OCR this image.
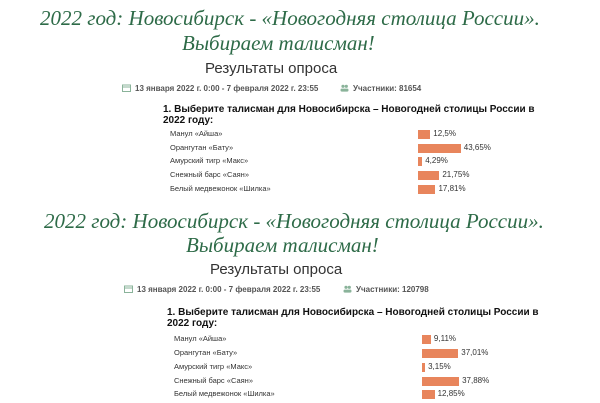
2022 год: Новосибирск - «Новогодняя столица России».
Выбираем талисман!
Результаты опроса
13 января 2022 г. 0:00 - 7 февраля 2022 г. 23:55	Участники: 81654
1. Выберите талисман для Новосибирска – Новогодней столицы России в 2022 году:
Манул «Айша»
Орангутан «Бату»
Амурский тигр «Макс»
Снежный барс «Саян»
Белый медвежонок «Шилка»
12,5%
43,65%
4,29%
21,75%
17,81%
2022 год: Новосибирск - «Новогодняя столица России».
Выбираем талисман!
Результаты опроса
13 января 2022 г. 0:00 - 7 февраля 2022 г. 23:55	Участники: 120798
1. Выберите талисман для Новосибирска – Новогодней столицы России в 2022 году:
Манул «Айша»
Орангутан «Бату»
Амурский тигр «Макс»
Снежный барс «Саян»
Белый медвежонок «Шилка»
9,11%
37,01%
3,15%
37,88%
12,85%
